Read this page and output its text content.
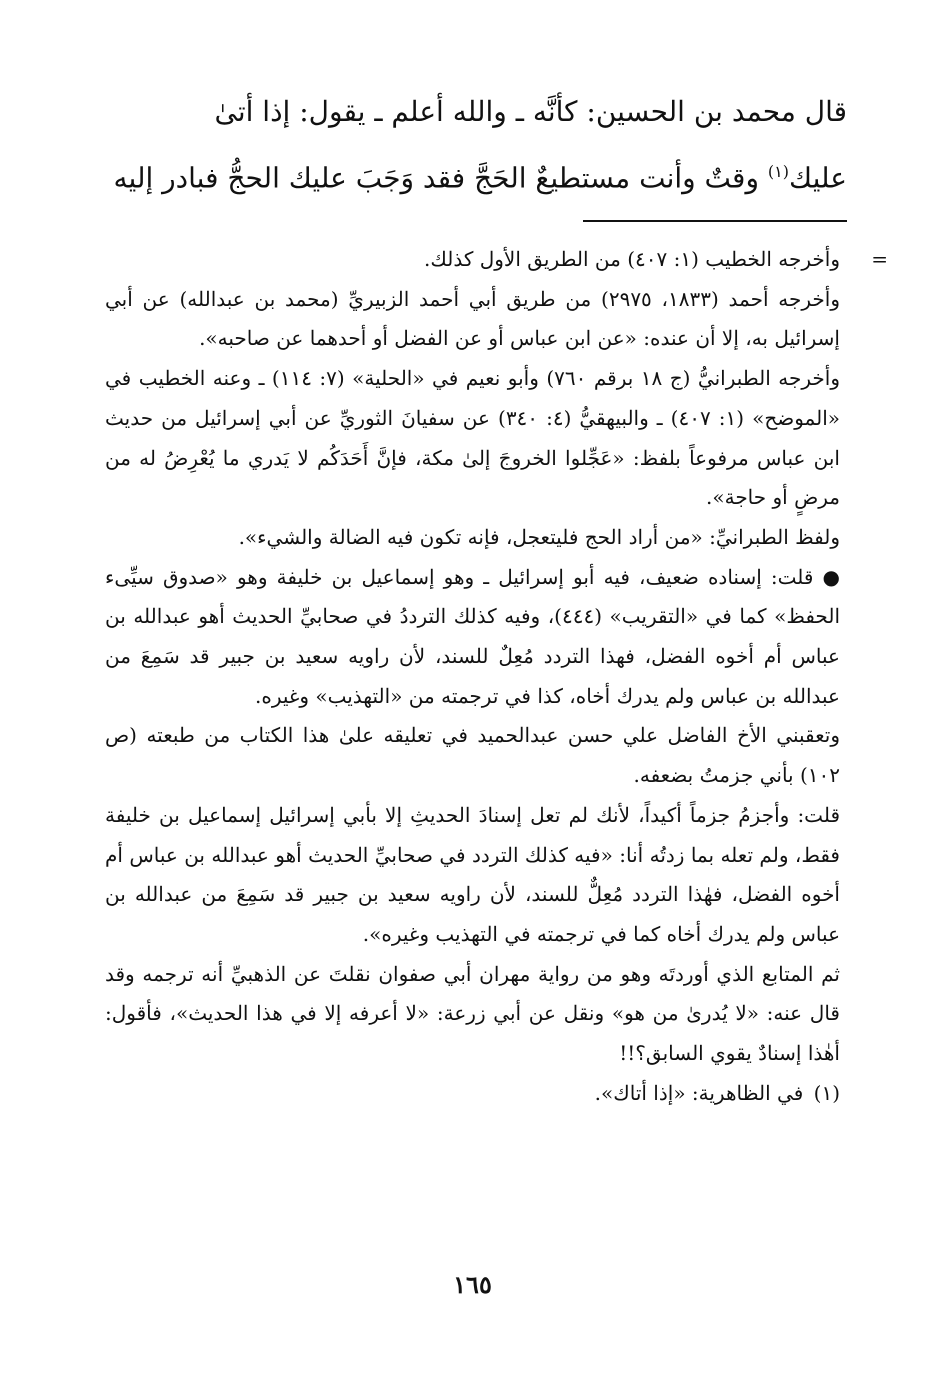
قال محمد بن الحسين: كأنَّه ـ والله أعلم ـ يقول: إذا أتىٰ
عليك$^{(١)}$ وقتٌ وأنت مستطيعٌ الحَجَّ فقد وَجَبَ عليك الحجُّ فبادر إليه
=

وأخرجه الخطيب (١: ٤٠٧) من الطريق الأول كذلك.

وأخرجه أحمد (١٨٣٣، ٢٩٧٥) من طريق أبي أحمد الزبيريِّ (محمد بن عبدالله) عن أبي إسرائيل به، إلا أن عنده: «عن ابن عباس أو عن الفضل أو أحدهما عن صاحبه».

وأخرجه الطبرانيُّ (ج ١٨ برقم ٧٦٠) وأبو نعيم في «الحلية» (٧: ١١٤) ـ وعنه الخطيب في «الموضح» (١: ٤٠٧) ـ والبيهقيُّ (٤: ٣٤٠) عن سفيانَ الثوريِّ عن أبي إسرائيل من حديث ابن عباس مرفوعاً بلفظ: «عَجِّلوا الخروجَ إلىٰ مكة، فإنَّ أَحَدَكُم لا يَدري ما يُعْرِضُ له من مرضٍ أو حاجة».

ولفظ الطبرانيِّ: «من أراد الحج فليتعجل، فإنه تكون فيه الضالة والشيء».

● قلت: إسناده ضعيف، فيه أبو إسرائيل ـ وهو إسماعيل بن خليفة وهو «صدوق سيِّىء الحفظ» كما في «التقريب» (٤٤٤)، وفيه كذلك الترددُ في صحابيِّ الحديث أهو عبدالله بن عباس أم أخوه الفضل، فهذا التردد مُعِلٌ للسند، لأن راويه سعيد بن جبير قد سَمِعَ من عبدالله بن عباس ولم يدرك أخاه، كذا في ترجمته من «التهذيب» وغيره.

وتعقبني الأخ الفاضل علي حسن عبدالحميد في تعليقه علىٰ هذا الكتاب من طبعته (ص ١٠٢) بأني جزمتُ بضعفه.

قلت: وأجزمُ جزماً أكيداً، لأنك لم تعل إسنادَ الحديثِ إلا بأبي إسرائيل إسماعيل بن خليفة فقط، ولم تعله بما زدتُه أنا: «فيه كذلك التردد في صحابيِّ الحديث أهو عبدالله بن عباس أم أخوه الفضل، فهٰذا التردد مُعِلٌّ للسند، لأن راويه سعيد بن جبير قد سَمِعَ من عبدالله بن عباس ولم يدرك أخاه كما في ترجمته في التهذيب وغيره».

ثم المتابع الذي أوردتَه وهو من رواية مهران أبي صفوان نقلتَ عن الذهبيِّ أنه ترجمه وقد قال عنه: «لا يُدرىٰ من هو» ونقل عن أبي زرعة: «لا أعرفه إلا في هذا الحديث»، فأقول: أهٰذا إسنادٌ يقوي السابق؟!!

(١) في الظاهرية: «إذا أتاك».

١٦٥
